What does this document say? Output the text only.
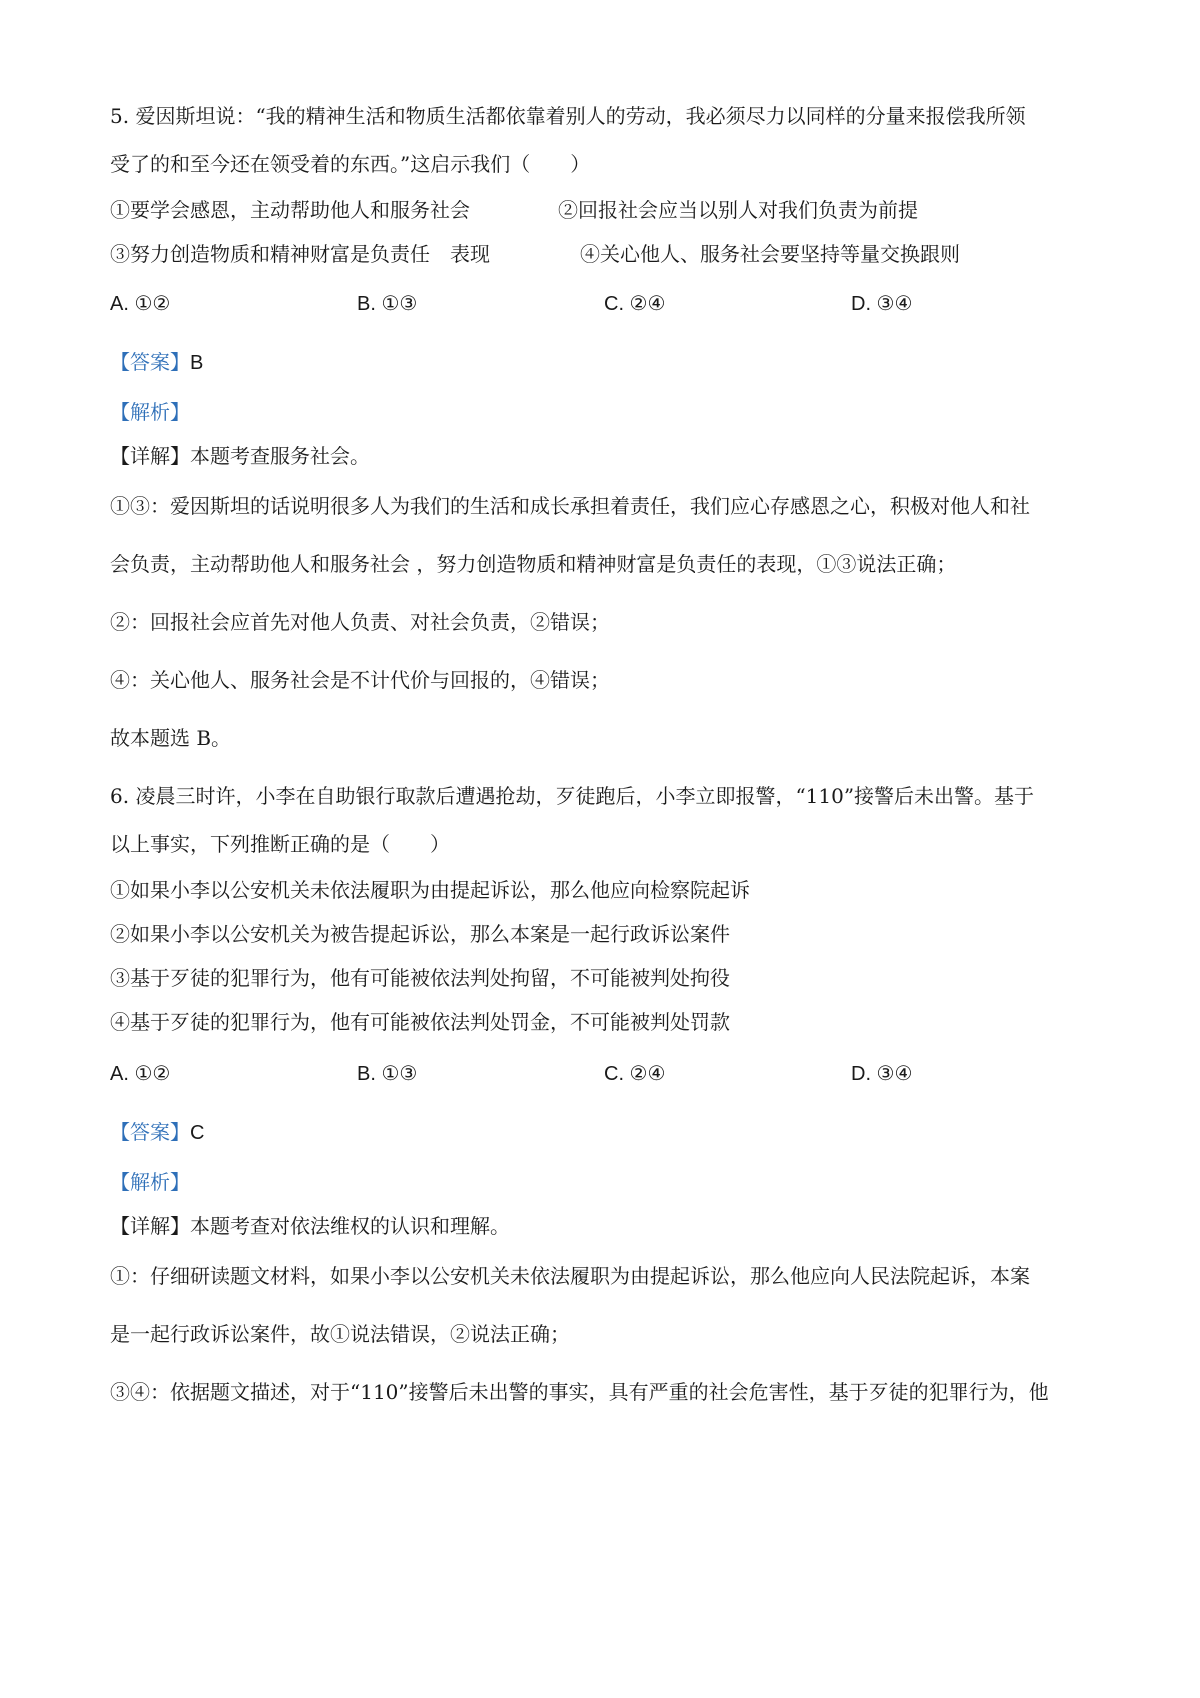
5. 爱因斯坦说：“我的精神生活和物质生活都依靠着别人的劳动，我必须尽力以同样的分量来报偿我所领
受了的和至今还在领受着的东西。”这启示我们（　　）
①要学会感恩，主动帮助他人和服务社会	②回报社会应当以别人对我们负责为前提
③努力创造物质和精神财富是负责任　表现	④关心他人、服务社会要坚持等量交换跟则
A. ①②	B. ①③	C. ②④	D. ③④
【答案】B
【解析】
【详解】本题考查服务社会。
①③：爱因斯坦的话说明很多人为我们的生活和成长承担着责任，我们应心存感恩之心，积极对他人和社
会负责，主动帮助他人和服务社会 ，努力创造物质和精神财富是负责任的表现，①③说法正确；
②：回报社会应首先对他人负责、对社会负责，②错误；
④：关心他人、服务社会是不计代价与回报的，④错误；
故本题选 B。
6. 凌晨三时许，小李在自助银行取款后遭遇抢劫，歹徒跑后，小李立即报警，“110”接警后未出警。基于
以上事实，下列推断正确的是（　　）
①如果小李以公安机关未依法履职为由提起诉讼，那么他应向检察院起诉
②如果小李以公安机关为被告提起诉讼，那么本案是一起行政诉讼案件
③基于歹徒的犯罪行为，他有可能被依法判处拘留，不可能被判处拘役
④基于歹徒的犯罪行为，他有可能被依法判处罚金，不可能被判处罚款
A. ①②	B. ①③	C. ②④	D. ③④
【答案】C
【解析】
【详解】本题考查对依法维权的认识和理解。
①：仔细研读题文材料，如果小李以公安机关未依法履职为由提起诉讼，那么他应向人民法院起诉，本案
是一起行政诉讼案件，故①说法错误，②说法正确；
③④：依据题文描述，对于“110”接警后未出警的事实，具有严重的社会危害性，基于歹徒的犯罪行为，他
